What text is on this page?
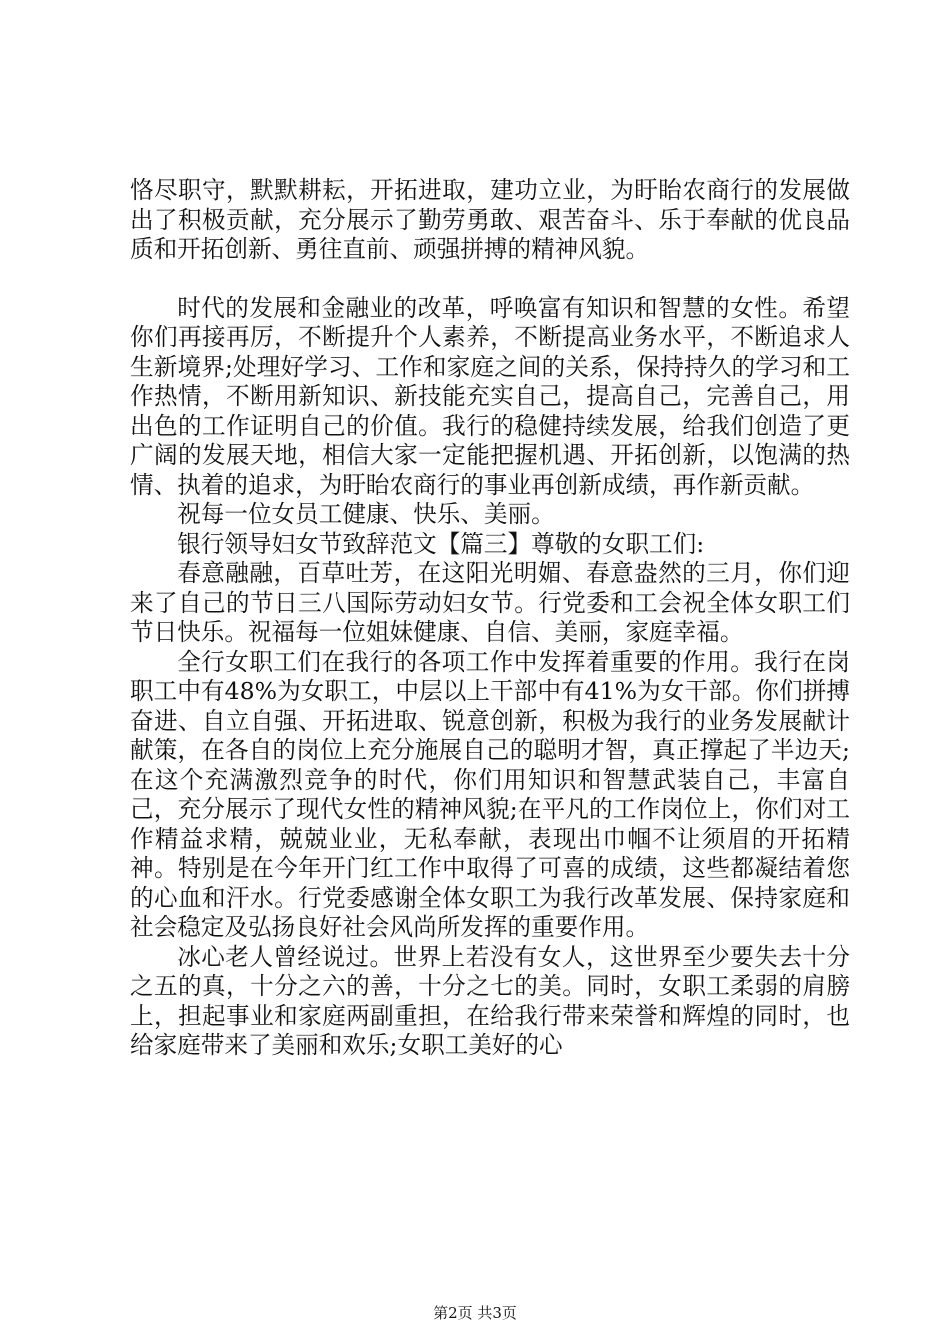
恪尽职守，默默耕耘，开拓进取，建功立业，为盱眙农商行的发展做出了积极贡献，充分展示了勤劳勇敢、艰苦奋斗、乐于奉献的优良品质和开拓创新、勇往直前、顽强拼搏的精神风貌。

时代的发展和金融业的改革，呼唤富有知识和智慧的女性。希望你们再接再厉，不断提升个人素养，不断提高业务水平，不断追求人生新境界;处理好学习、工作和家庭之间的关系，保持持久的学习和工作热情，不断用新知识、新技能充实自己，提高自己，完善自己，用出色的工作证明自己的价值。我行的稳健持续发展，给我们创造了更广阔的发展天地，相信大家一定能把握机遇、开拓创新，以饱满的热情、执着的追求，为盱眙农商行的事业再创新成绩，再作新贡献。

祝每一位女员工健康、快乐、美丽。

银行领导妇女节致辞范文【篇三】尊敬的女职工们:

春意融融，百草吐芳，在这阳光明媚、春意盎然的三月，你们迎来了自己的节日三八国际劳动妇女节。行党委和工会祝全体女职工们节日快乐。祝福每一位姐妹健康、自信、美丽，家庭幸福。

全行女职工们在我行的各项工作中发挥着重要的作用。我行在岗职工中有48%为女职工，中层以上干部中有41%为女干部。你们拼搏奋进、自立自强、开拓进取、锐意创新，积极为我行的业务发展献计献策，在各自的岗位上充分施展自己的聪明才智，真正撑起了半边天;在这个充满激烈竞争的时代，你们用知识和智慧武装自己，丰富自己，充分展示了现代女性的精神风貌;在平凡的工作岗位上，你们对工作精益求精，兢兢业业，无私奉献，表现出巾帼不让须眉的开拓精神。特别是在今年开门红工作中取得了可喜的成绩，这些都凝结着您的心血和汗水。行党委感谢全体女职工为我行改革发展、保持家庭和社会稳定及弘扬良好社会风尚所发挥的重要作用。

冰心老人曾经说过。世界上若没有女人，这世界至少要失去十分之五的真，十分之六的善，十分之七的美。同时，女职工柔弱的肩膀上，担起事业和家庭两副重担，在给我行带来荣誉和辉煌的同时，也给家庭带来了美丽和欢乐;女职工美好的心

第2页 共3页
